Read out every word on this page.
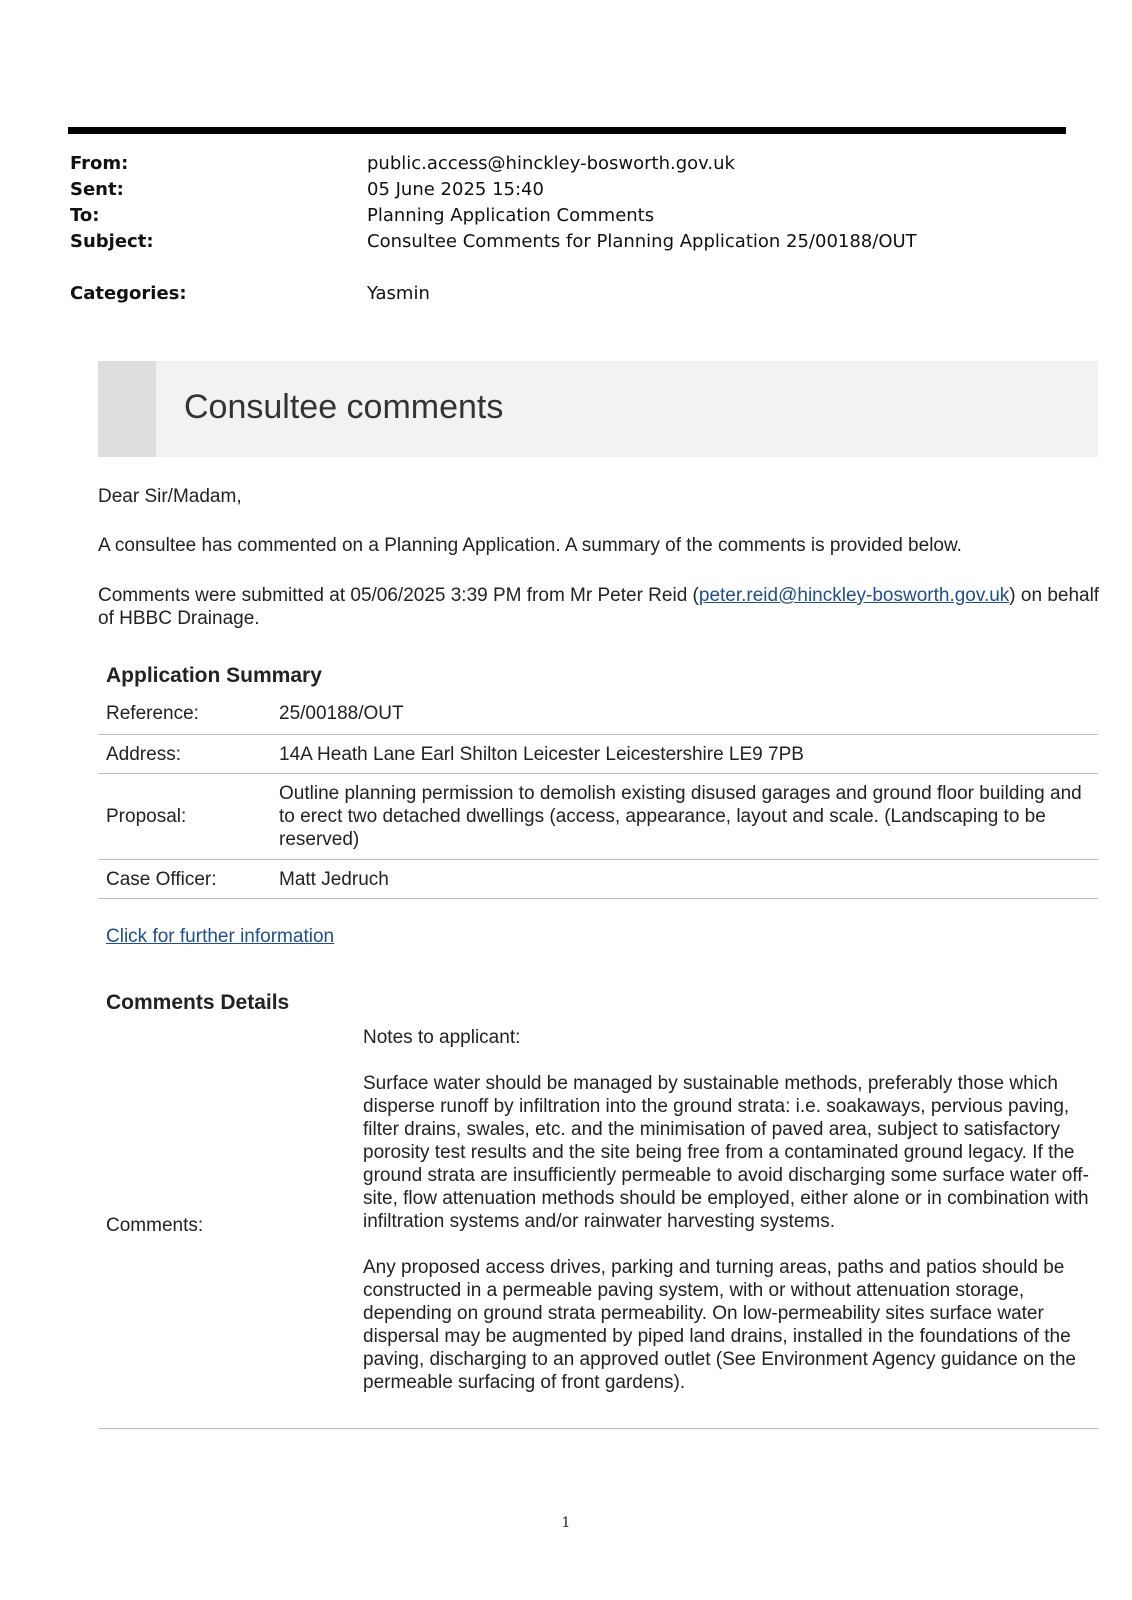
From:	public.access@hinckley-bosworth.gov.uk
Sent:	05 June 2025 15:40
To:	Planning Application Comments
Subject:	Consultee Comments for Planning Application 25/00188/OUT
Categories:	Yasmin
Consultee comments
Dear Sir/Madam,
A consultee has commented on a Planning Application. A summary of the comments is provided below.
Comments were submitted at 05/06/2025 3:39 PM from Mr Peter Reid (peter.reid@hinckley-bosworth.gov.uk) on behalf of HBBC Drainage.
Application Summary
Reference:	25/00188/OUT
Address:	14A Heath Lane Earl Shilton Leicester Leicestershire LE9 7PB
Proposal:
Outline planning permission to demolish existing disused garages and ground floor building and to erect two detached dwellings (access, appearance, layout and scale. (Landscaping to be reserved)
Case Officer:	Matt Jedruch
Click for further information
Comments Details
Comments:

Notes to applicant:

Surface water should be managed by sustainable methods, preferably those which disperse runoff by infiltration into the ground strata: i.e. soakaways, pervious paving, filter drains, swales, etc. and the minimisation of paved area, subject to satisfactory porosity test results and the site being free from a contaminated ground legacy. If the ground strata are insufficiently permeable to avoid discharging some surface water off-site, flow attenuation methods should be employed, either alone or in combination with infiltration systems and/or rainwater harvesting systems.

Any proposed access drives, parking and turning areas, paths and patios should be constructed in a permeable paving system, with or without attenuation storage, depending on ground strata permeability. On low-permeability sites surface water dispersal may be augmented by piped land drains, installed in the foundations of the paving, discharging to an approved outlet (See Environment Agency guidance on the permeable surfacing of front gardens).

1
